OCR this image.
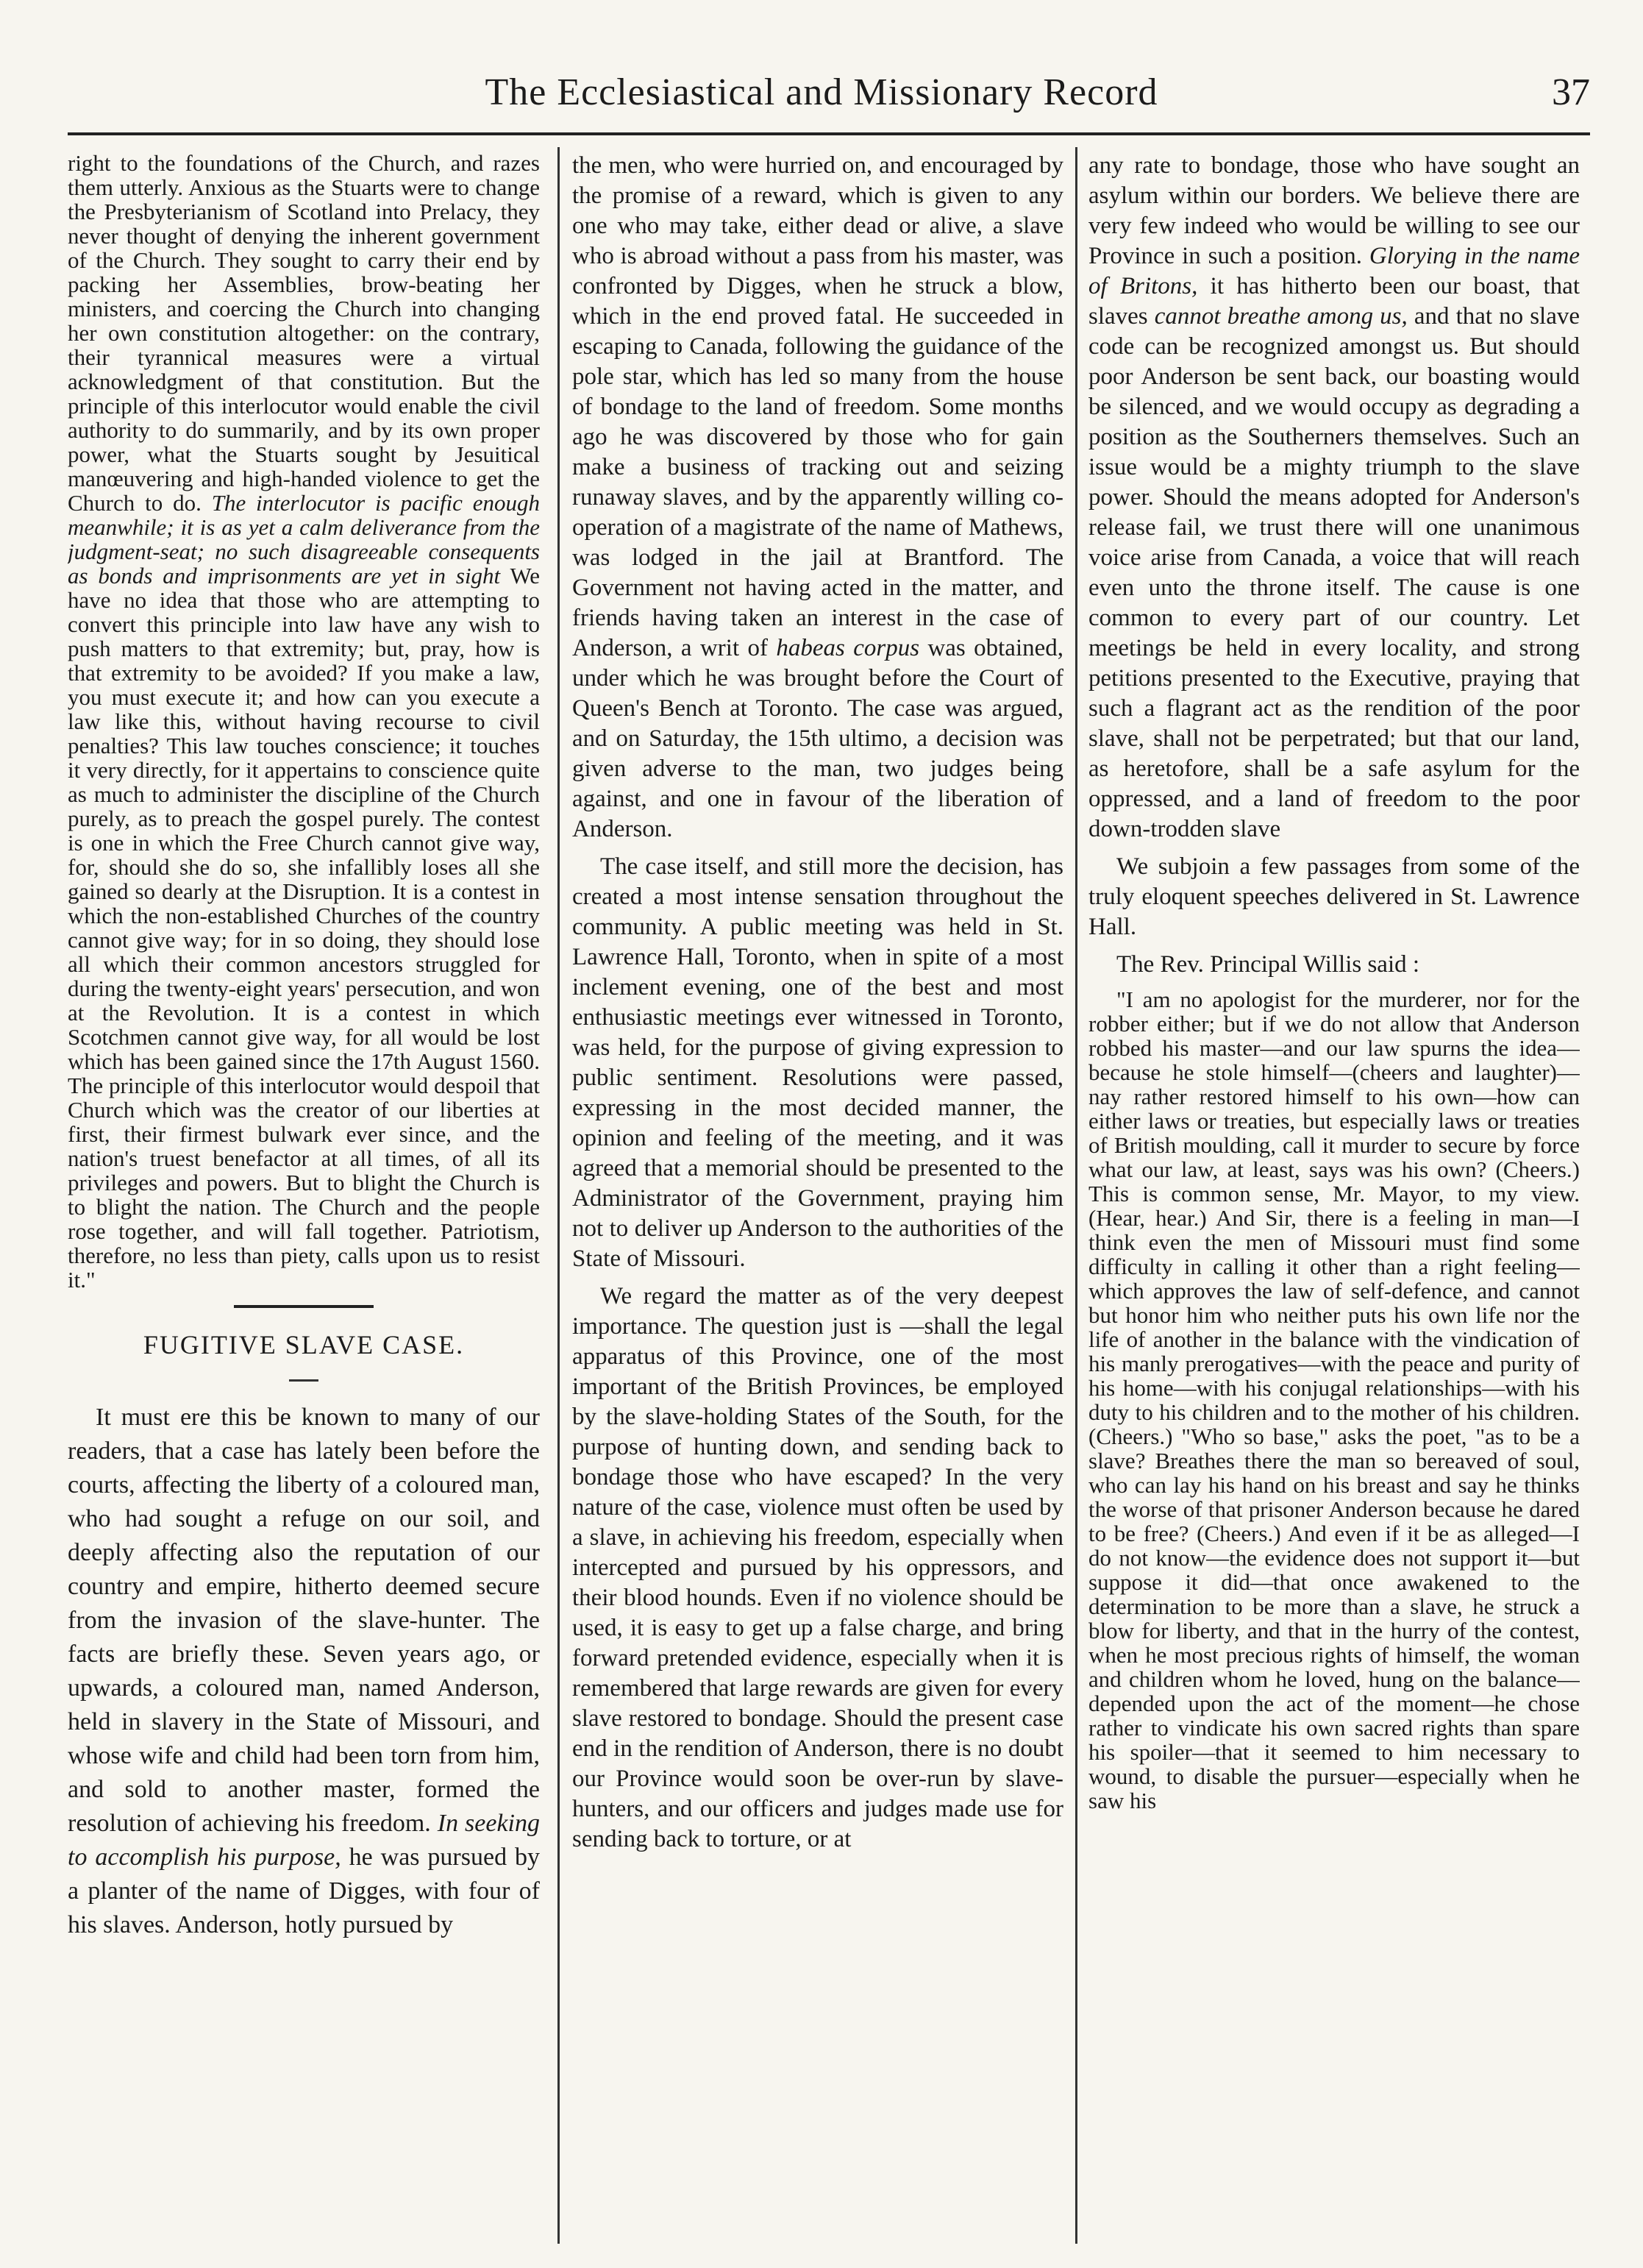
The Ecclesiastical and Missionary Record	37

right to the foundations of the Church, and razes them utterly. Anxious as the Stuarts were to change the Presbyterianism of Scotland into Prelacy, they never thought of denying the inherent government of the Church. They sought to carry their end by packing her Assemblies, brow-beating her ministers, and coercing the Church into changing her own constitution altogether: on the contrary, their tyrannical measures were a virtual acknowledgment of that constitution. But the principle of this interlocutor would enable the civil authority to do summarily, and by its own proper power, what the Stuarts sought by Jesuitical manœuvering and high-handed violence to get the Church to do. The interlocutor is pacific enough meanwhile; it is as yet a calm deliverance from the judgment-seat; no such disagreeable consequents as bonds and imprisonments are yet in sight We have no idea that those who are attempting to convert this principle into law have any wish to push matters to that extremity; but, pray, how is that extremity to be avoided? If you make a law, you must execute it; and how can you execute a law like this, without having recourse to civil penalties? This law touches conscience; it touches it very directly, for it appertains to conscience quite as much to administer the discipline of the Church purely, as to preach the gospel purely. The contest is one in which the Free Church cannot give way, for, should she do so, she infallibly loses all she gained so dearly at the Disruption. It is a contest in which the non-established Churches of the country cannot give way; for in so doing, they should lose all which their common ancestors struggled for during the twenty-eight years' persecution, and won at the Revolution. It is a contest in which Scotchmen cannot give way, for all would be lost which has been gained since the 17th August 1560. The principle of this interlocutor would despoil that Church which was the creator of our liberties at first, their firmest bulwark ever since, and the nation's truest benefactor at all times, of all its privileges and powers. But to blight the Church is to blight the nation. The Church and the people rose together, and will fall together. Patriotism, therefore, no less than piety, calls upon us to resist it."

FUGITIVE SLAVE CASE.

It must ere this be known to many of our readers, that a case has lately been before the courts, affecting the liberty of a coloured man, who had sought a refuge on our soil, and deeply affecting also the reputation of our country and empire, hitherto deemed secure from the invasion of the slave-hunter. The facts are briefly these. Seven years ago, or upwards, a coloured man, named Anderson, held in slavery in the State of Missouri, and whose wife and child had been torn from him, and sold to another master, formed the resolution of achieving his freedom. In seeking to accomplish his purpose, he was pursued by a planter of the name of Digges, with four of his slaves. Anderson, hotly pursued by

the men, who were hurried on, and encouraged by the promise of a reward, which is given to any one who may take, either dead or alive, a slave who is abroad without a pass from his master, was confronted by Digges, when he struck a blow, which in the end proved fatal. He succeeded in escaping to Canada, following the guidance of the pole star, which has led so many from the house of bondage to the land of freedom. Some months ago he was discovered by those who for gain make a business of tracking out and seizing runaway slaves, and by the apparently willing co-operation of a magistrate of the name of Mathews, was lodged in the jail at Brantford. The Government not having acted in the matter, and friends having taken an interest in the case of Anderson, a writ of habeas corpus was obtained, under which he was brought before the Court of Queen's Bench at Toronto. The case was argued, and on Saturday, the 15th ultimo, a decision was given adverse to the man, two judges being against, and one in favour of the liberation of Anderson.

The case itself, and still more the decision, has created a most intense sensation throughout the community. A public meeting was held in St. Lawrence Hall, Toronto, when in spite of a most inclement evening, one of the best and most enthusiastic meetings ever witnessed in Toronto, was held, for the purpose of giving expression to public sentiment. Resolutions were passed, expressing in the most decided manner, the opinion and feeling of the meeting, and it was agreed that a memorial should be presented to the Administrator of the Government, praying him not to deliver up Anderson to the authorities of the State of Missouri.

We regard the matter as of the very deepest importance. The question just is —shall the legal apparatus of this Province, one of the most important of the British Provinces, be employed by the slave-holding States of the South, for the purpose of hunting down, and sending back to bondage those who have escaped? In the very nature of the case, violence must often be used by a slave, in achieving his freedom, especially when intercepted and pursued by his oppressors, and their blood hounds. Even if no violence should be used, it is easy to get up a false charge, and bring forward pretended evidence, especially when it is remembered that large rewards are given for every slave restored to bondage. Should the present case end in the rendition of Anderson, there is no doubt our Province would soon be over-run by slave-hunters, and our officers and judges made use for sending back to torture, or at

any rate to bondage, those who have sought an asylum within our borders. We believe there are very few indeed who would be willing to see our Province in such a position. Glorying in the name of Britons, it has hitherto been our boast, that slaves cannot breathe among us, and that no slave code can be recognized amongst us. But should poor Anderson be sent back, our boasting would be silenced, and we would occupy as degrading a position as the Southerners themselves. Such an issue would be a mighty triumph to the slave power. Should the means adopted for Anderson's release fail, we trust there will one unanimous voice arise from Canada, a voice that will reach even unto the throne itself. The cause is one common to every part of our country. Let meetings be held in every locality, and strong petitions presented to the Executive, praying that such a flagrant act as the rendition of the poor slave, shall not be perpetrated; but that our land, as heretofore, shall be a safe asylum for the oppressed, and a land of freedom to the poor down-trodden slave

We subjoin a few passages from some of the truly eloquent speeches delivered in St. Lawrence Hall.

The Rev. Principal Willis said :

"I am no apologist for the murderer, nor for the robber either; but if we do not allow that Anderson robbed his master—and our law spurns the idea—because he stole himself—(cheers and laughter)—nay rather restored himself to his own—how can either laws or treaties, but especially laws or treaties of British moulding, call it murder to secure by force what our law, at least, says was his own? (Cheers.) This is common sense, Mr. Mayor, to my view. (Hear, hear.) And Sir, there is a feeling in man—I think even the men of Missouri must find some difficulty in calling it other than a right feeling—which approves the law of self-defence, and cannot but honor him who neither puts his own life nor the life of another in the balance with the vindication of his manly prerogatives—with the peace and purity of his home—with his conjugal relationships—with his duty to his children and to the mother of his children. (Cheers.) "Who so base," asks the poet, "as to be a slave? Breathes there the man so bereaved of soul, who can lay his hand on his breast and say he thinks the worse of that prisoner Anderson because he dared to be free? (Cheers.) And even if it be as alleged—I do not know—the evidence does not support it—but suppose it did—that once awakened to the determination to be more than a slave, he struck a blow for liberty, and that in the hurry of the contest, when he most precious rights of himself, the woman and children whom he loved, hung on the balance—depended upon the act of the moment—he chose rather to vindicate his own sacred rights than spare his spoiler—that it seemed to him necessary to wound, to disable the pursuer—especially when he saw his
